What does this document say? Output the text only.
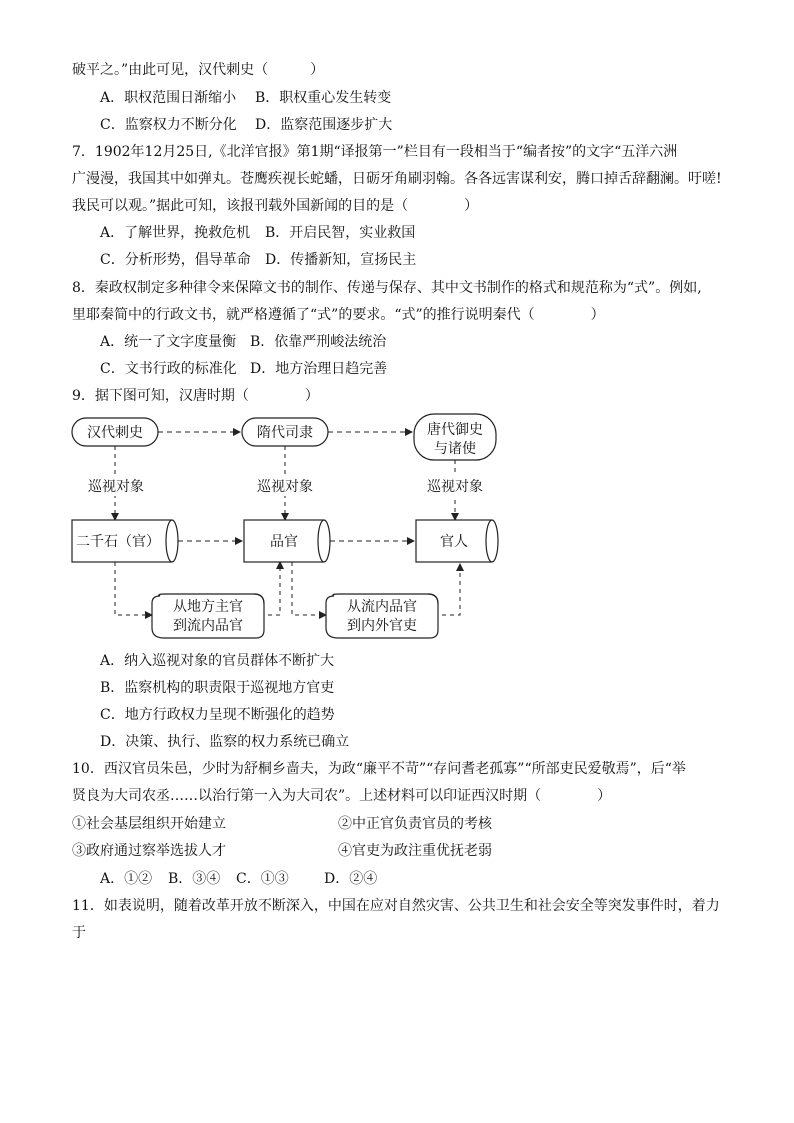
破平之。”由此可见，汉代刺史（　　　）
A．职权范围日渐缩小 B．职权重心发生转变
C．监察权力不断分化 D．监察范围逐步扩大
7．1902年12月25日,《北洋官报》第1期“译报第一”栏目有一段相当于“编者按”的文字“五洋六洲
广漫漫，我国其中如弹丸。苍鹰疾视长蛇蟠，日砺牙角刷羽翰。各各远害谋利安，腾口掉舌辞翻澜。吁嗟!
我民可以观。”据此可知，该报刊载外国新闻的目的是（　　　　）
A．了解世界，挽救危机 B．开启民智，实业救国
C．分析形势，倡导革命 D．传播新知，宣扬民主
8．秦政权制定多种律令来保障文书的制作、传递与保存、其中文书制作的格式和规范称为“式”。例如,
里耶秦简中的行政文书，就严格遵循了“式”的要求。“式”的推行说明秦代（　　　　）
A．统一了文字度量衡 B．依靠严刑峻法统治
C．文书行政的标准化 D．地方治理日趋完善
9．据下图可知，汉唐时期（　　　　）
汉代刺史	隋代司隶	唐代御史
与诸使
巡视对象	巡视对象	巡视对象
二千石（官）	品官	官人
从地方主官
到流内品官
从流内品官
到内外官吏
A．纳入巡视对象的官员群体不断扩大
B．监察机构的职责限于巡视地方官吏
C．地方行政权力呈现不断强化的趋势
D．决策、执行、监察的权力系统已确立
10．西汉官员朱邑，少时为舒桐乡啬夫，为政“廉平不苛”“存问耆老孤寡”“所部吏民爱敬焉”，后“举
贤良为大司农丞……以治行第一入为大司农”。上述材料可以印证西汉时期（　　　　）
①社会基层组织开始建立	②中正官负责官员的考核
③政府通过察举选拔人才	④官吏为政注重优抚老弱
A．①② B．③④ C．①③	D．②④
11．如表说明，随着改革开放不断深入，中国在应对自然灾害、公共卫生和社会安全等突发事件时，着力
于
